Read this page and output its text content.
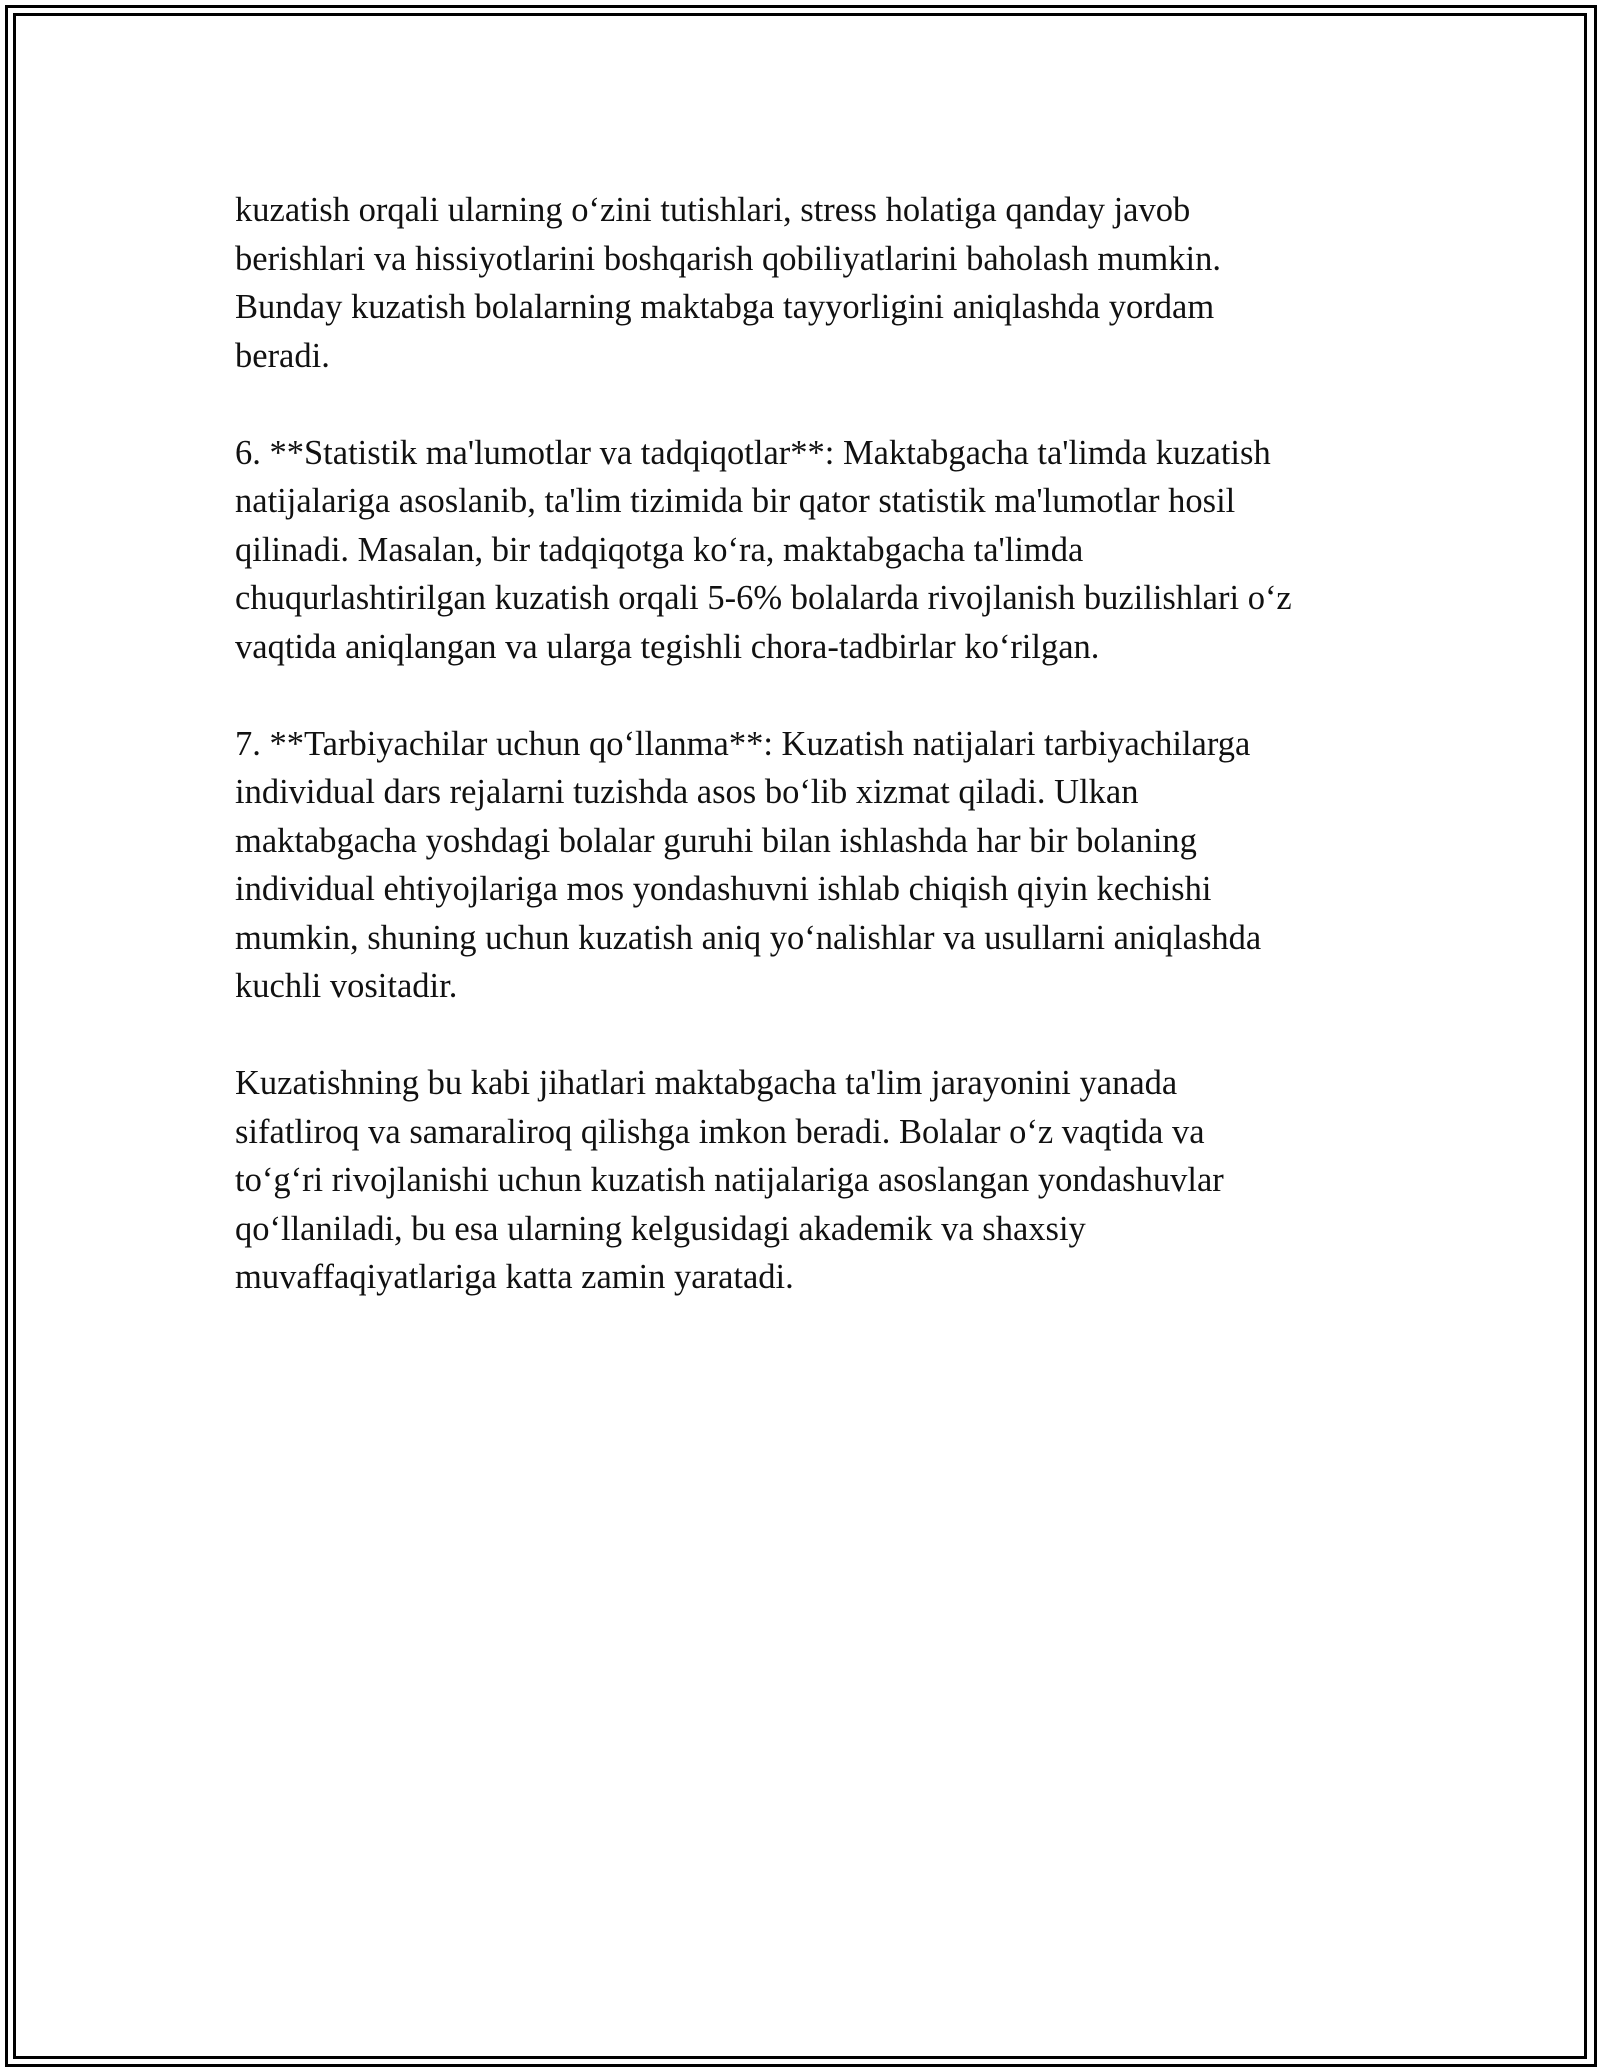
kuzatish orqali ularning o‘zini tutishlari, stress holatiga qanday javob
berishlari va hissiyotlarini boshqarish qobiliyatlarini baholash mumkin.
Bunday kuzatish bolalarning maktabga tayyorligini aniqlashda yordam
beradi.

6. **Statistik ma'lumotlar va tadqiqotlar**: Maktabgacha ta'limda kuzatish
natijalariga asoslanib, ta'lim tizimida bir qator statistik ma'lumotlar hosil
qilinadi. Masalan, bir tadqiqotga ko‘ra, maktabgacha ta'limda
chuqurlashtirilgan kuzatish orqali 5-6% bolalarda rivojlanish buzilishlari o‘z
vaqtida aniqlangan va ularga tegishli chora-tadbirlar ko‘rilgan.

7. **Tarbiyachilar uchun qo‘llanma**: Kuzatish natijalari tarbiyachilarga
individual dars rejalarni tuzishda asos bo‘lib xizmat qiladi. Ulkan
maktabgacha yoshdagi bolalar guruhi bilan ishlashda har bir bolaning
individual ehtiyojlariga mos yondashuvni ishlab chiqish qiyin kechishi
mumkin, shuning uchun kuzatish aniq yo‘nalishlar va usullarni aniqlashda
kuchli vositadir.

Kuzatishning bu kabi jihatlari maktabgacha ta'lim jarayonini yanada
sifatliroq va samaraliroq qilishga imkon beradi. Bolalar o‘z vaqtida va
to‘g‘ri rivojlanishi uchun kuzatish natijalariga asoslangan yondashuvlar
qo‘llaniladi, bu esa ularning kelgusidagi akademik va shaxsiy
muvaffaqiyatlariga katta zamin yaratadi.
